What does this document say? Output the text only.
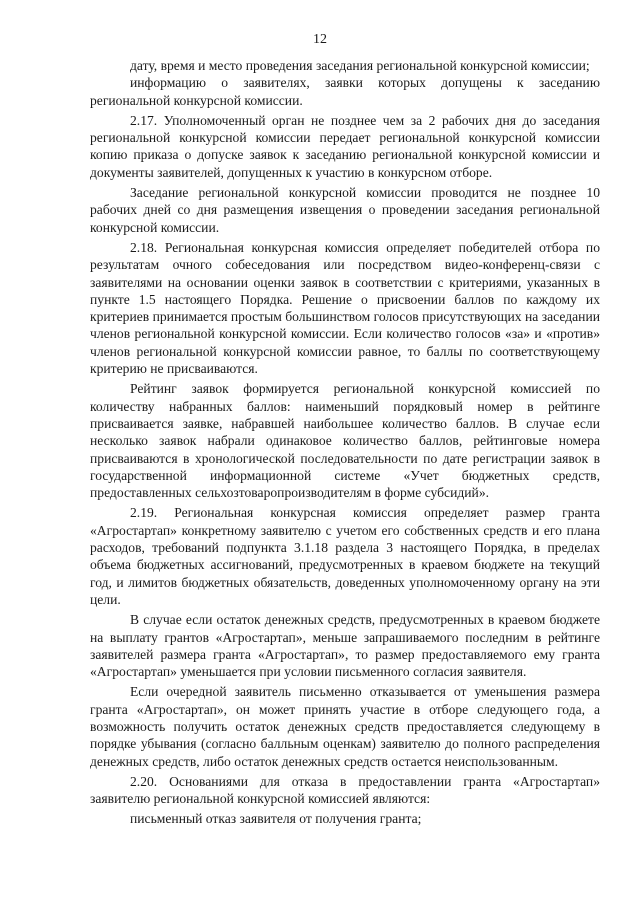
12

дату, время и место проведения заседания региональной конкурсной комиссии;

информацию о заявителях, заявки которых допущены к заседанию региональной конкурсной комиссии.

2.17. Уполномоченный орган не позднее чем за 2 рабочих дня до заседания региональной конкурсной комиссии передает региональной конкурсной комиссии копию приказа о допуске заявок к заседанию региональной конкурсной комиссии и документы заявителей, допущенных к участию в конкурсном отборе.

Заседание региональной конкурсной комиссии проводится не позднее 10 рабочих дней со дня размещения извещения о проведении заседания региональной конкурсной комиссии.

2.18. Региональная конкурсная комиссия определяет победителей отбора по результатам очного собеседования или посредством видео-конференц-связи с заявителями на основании оценки заявок в соответствии с критериями, указанных в пункте 1.5 настоящего Порядка. Решение о присвоении баллов по каждому их критериев принимается простым большинством голосов присутствующих на заседании членов региональной конкурсной комиссии. Если количество голосов «за» и «против» членов региональной конкурсной комиссии равное, то баллы по соответствующему критерию не присваиваются.

Рейтинг заявок формируется региональной конкурсной комиссией по количеству набранных баллов: наименьший порядковый номер в рейтинге присваивается заявке, набравшей наибольшее количество баллов. В случае если несколько заявок набрали одинаковое количество баллов, рейтинговые номера присваиваются в хронологической последовательности по дате регистрации заявок в государственной информационной системе «Учет бюджетных средств, предоставленных сельхозтоваропроизводителям в форме субсидий».

2.19. Региональная конкурсная комиссия определяет размер гранта «Агростартап» конкретному заявителю с учетом его собственных средств и его плана расходов, требований подпункта 3.1.18 раздела 3 настоящего Порядка, в пределах объема бюджетных ассигнований, предусмотренных в краевом бюджете на текущий год, и лимитов бюджетных обязательств, доведенных уполномоченному органу на эти цели.

В случае если остаток денежных средств, предусмотренных в краевом бюджете на выплату грантов «Агростартап», меньше запрашиваемого последним в рейтинге заявителей размера гранта «Агростартап», то размер предоставляемого ему гранта «Агростартап» уменьшается при условии письменного согласия заявителя.

Если очередной заявитель письменно отказывается от уменьшения размера гранта «Агростартап», он может принять участие в отборе следующего года, а возможность получить остаток денежных средств предоставляется следующему в порядке убывания (согласно балльным оценкам) заявителю до полного распределения денежных средств, либо остаток денежных средств остается неиспользованным.

2.20. Основаниями для отказа в предоставлении гранта «Агростартап» заявителю региональной конкурсной комиссией являются:

письменный отказ заявителя от получения гранта;
